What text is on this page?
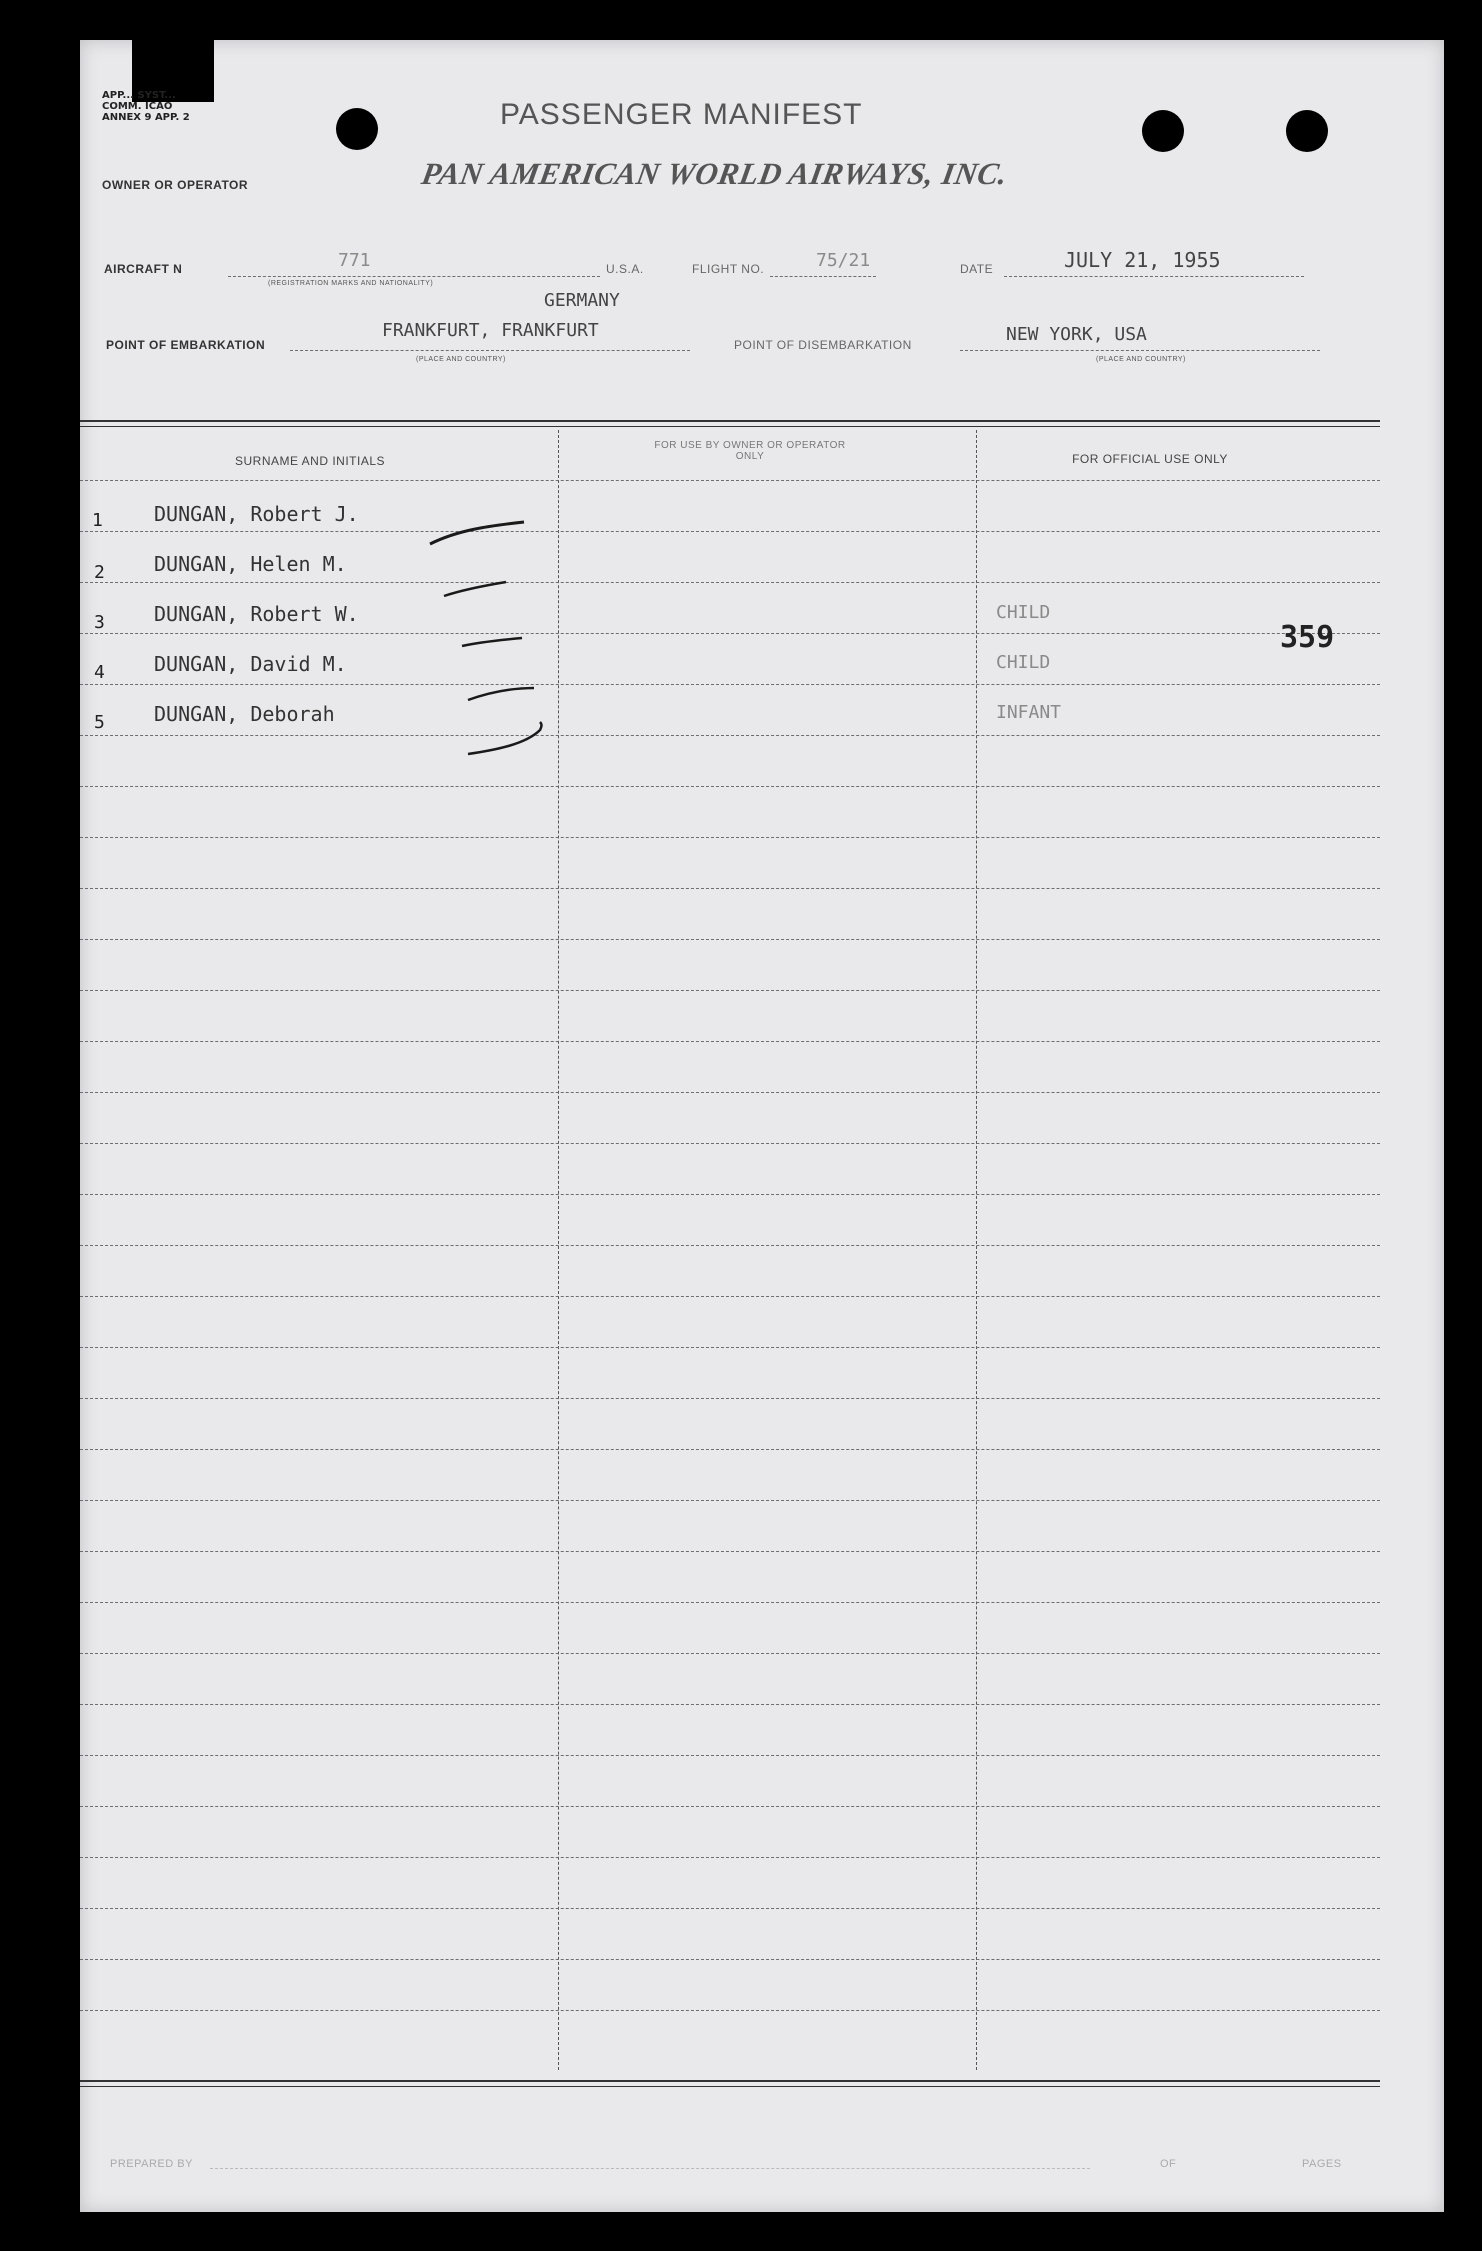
APP... SYST... COMM. ICAO ANNEX 9 APP. 2	PASSENGER MANIFEST
OWNER OR OPERATOR	PAN AMERICAN WORLD AIRWAYS, INC.
AIRCRAFT N	771
(REGISTRATION MARKS AND NATIONALITY)
U.S.A.	FLIGHT NO.	75/21	DATE	JULY 21, 1955
GERMANY
POINT OF EMBARKATION
FRANKFURT, FRANKFURT
(PLACE AND COUNTRY)
POINT OF DISEMBARKATION	NEW YORK, USA
(PLACE AND COUNTRY)
SURNAME AND INITIALS
FOR USE BY OWNER OR OPERATOR ONLY	FOR OFFICIAL USE ONLY
1	DUNGAN, Robert J.
2 DUNGAN, Helen M.
3 DUNGAN, Robert W.	CHILD
4 DUNGAN, David M.	CHILD
5 DUNGAN, Deborah	INFANT
359
PREPARED BY	OF	PAGES
